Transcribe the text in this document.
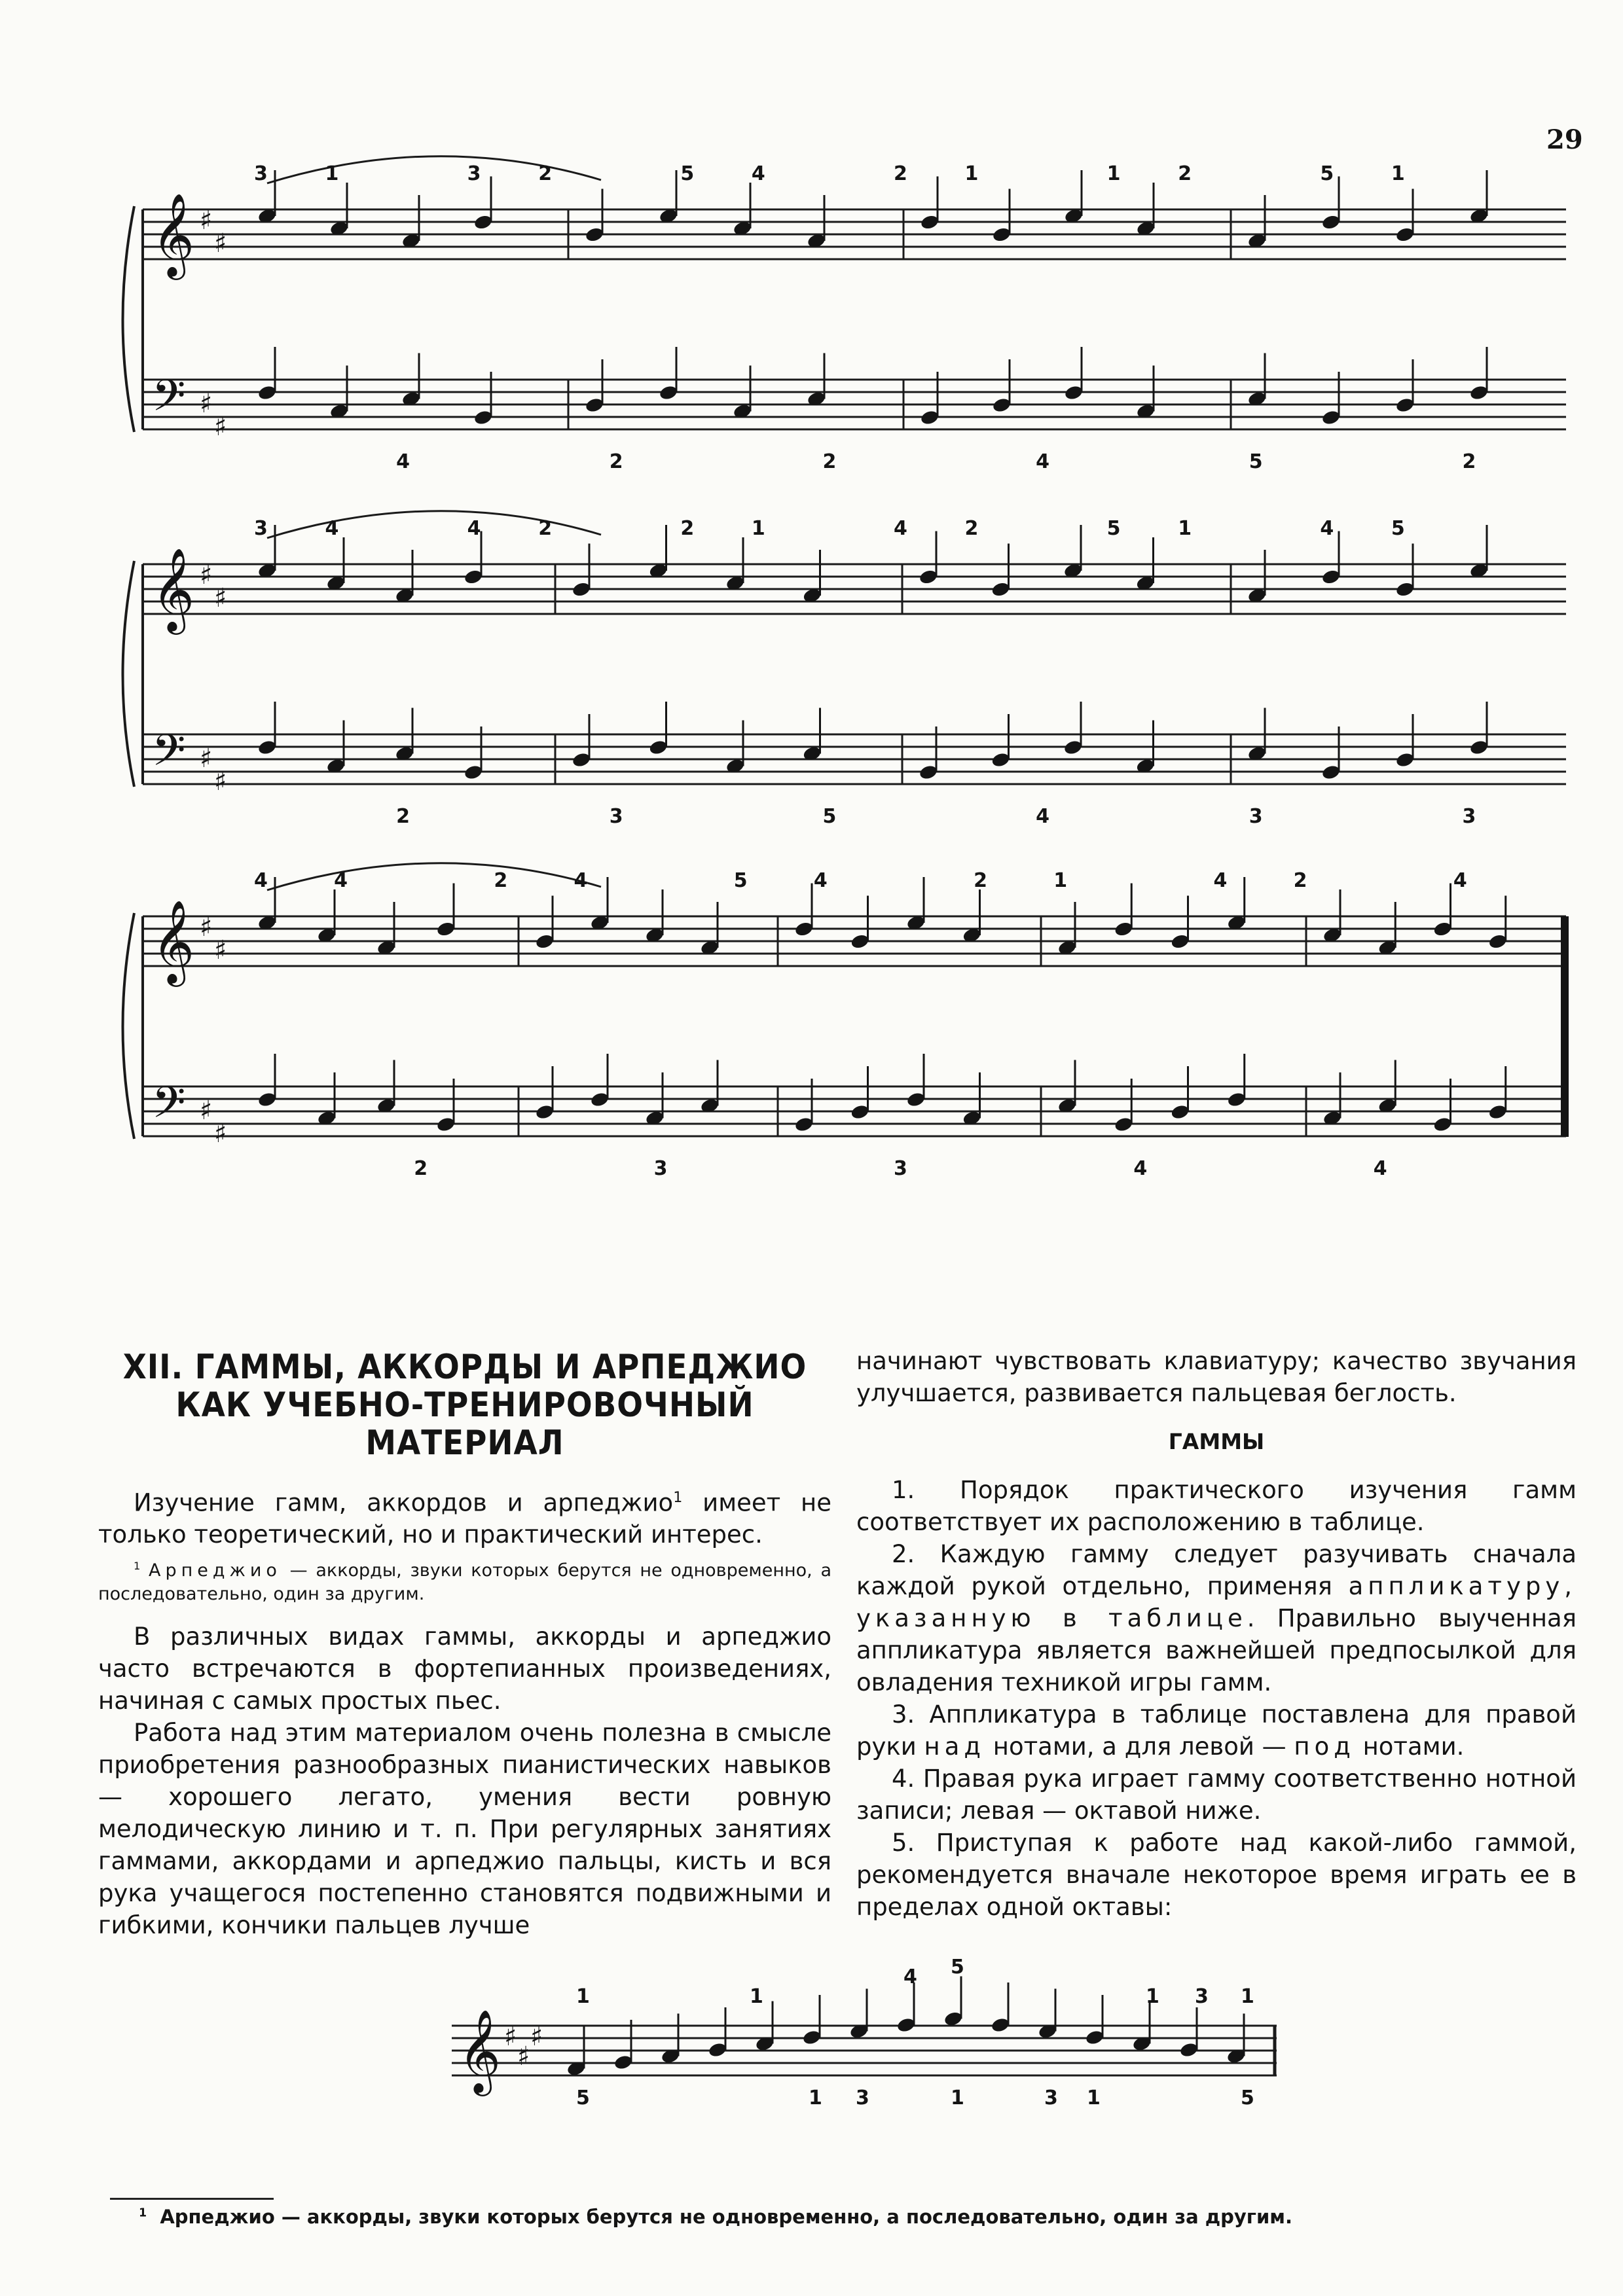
29
𝄞
𝄢
♯
♯
♯
♯
𝄞
𝄢
♯
♯
♯
♯
𝄞
𝄢
♯
♯
♯
♯
𝄞 ♯
♯
♯
3	1
4
3	2
2
5	4
2
2	1
4
1	2
5
5	1
2
3	4
2
4	2
3
2	1
5
4	2
4
5	1
3
4	5
3
4	4
2
2	4
3
5	4
3
2	1
4
4	2
4
4
1	1
4 5
1 3 1
5	1 3	1	3 1	5
XII. ГАММЫ, АККОРДЫ И АРПЕДЖИО КАК УЧЕБНО-ТРЕНИРОВОЧНЫЙ МАТЕРИАЛ

Изучение гамм, аккордов и арпеджио$^1$ имеет не только теоретический, но и практический интерес.

$^1$ Арпеджио — аккорды, звуки которых берутся не одновременно, а последовательно, один за другим.

В различных видах гаммы, аккорды и арпеджио часто встречаются в фортепианных произведениях, начиная с самых простых пьес.

Работа над этим материалом очень полезна в смысле приобретения разнообразных пианистических навыков — хорошего легато, умения вести ровную мелодическую линию и т. п. При регулярных занятиях гаммами, аккордами и арпеджио пальцы, кисть и вся рука учащегося постепенно становятся подвижными и гибкими, кончики пальцев лучше

начинают чувствовать клавиатуру; качество звучания улучшается, развивается пальцевая беглость.

ГАММЫ

1. Порядок практического изучения гамм соответствует их расположению в таблице.

2. Каждую гамму следует разучивать сначала каждой рукой отдельно, применяя аппликатуру, указанную в таблице. Правильно выученная аппликатура является важнейшей предпосылкой для овладения техникой игры гамм.

3. Аппликатура в таблице поставлена для правой руки над нотами, а для левой — под нотами.

4. Правая рука играет гамму соответственно нотной записи; левая — октавой ниже.

5. Приступая к работе над какой-либо гаммой, рекомендуется вначале некоторое время играть ее в пределах одной октавы:

$^1$ Арпеджио — аккорды, звуки которых берутся не одновременно, а последовательно, один за другим.
